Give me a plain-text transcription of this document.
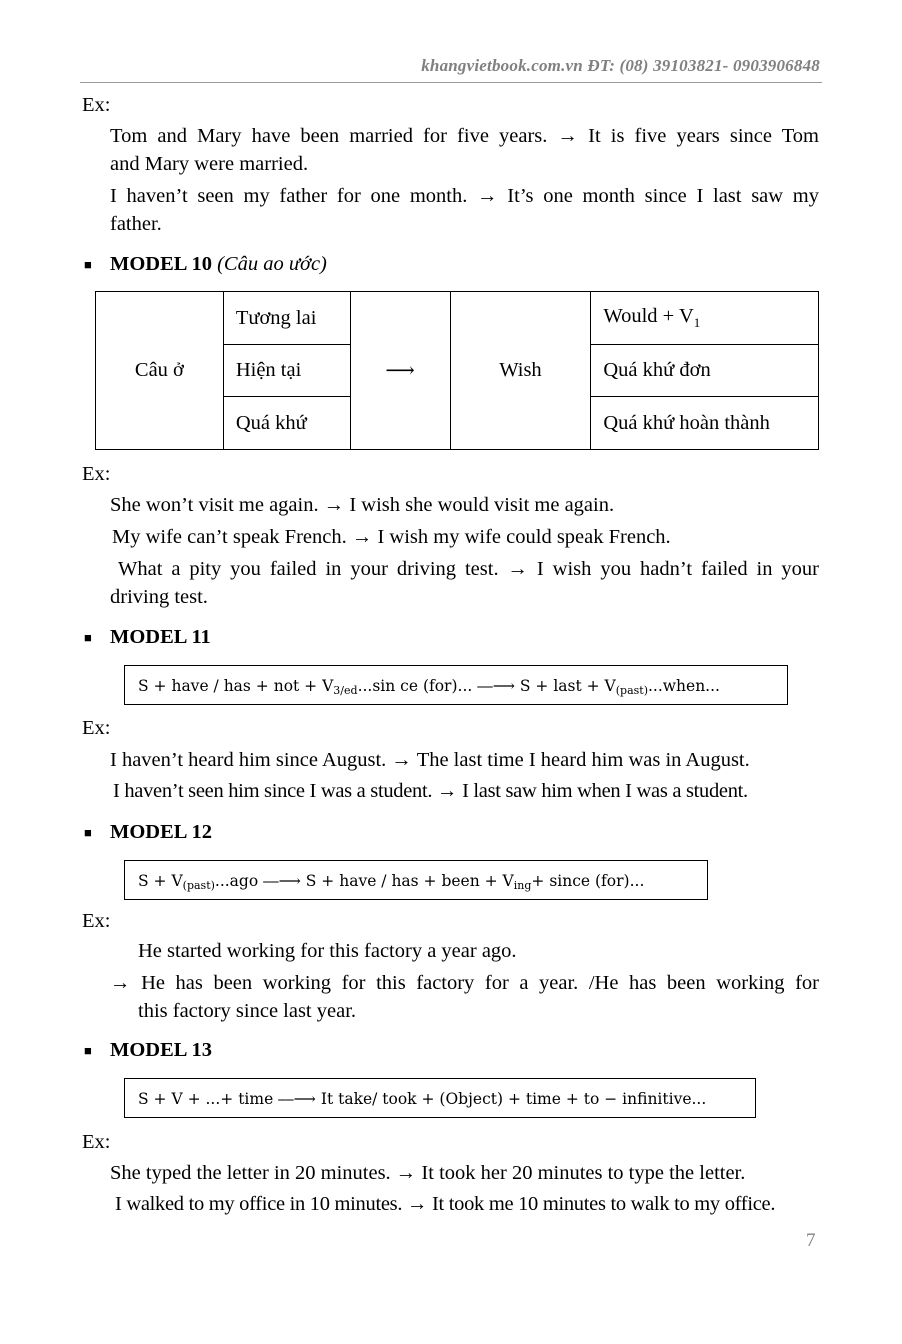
khangvietbook.com.vn ĐT: (08) 39103821- 0903906848
Ex:
Tom and Mary have been married for five years. → It is five years since Tom
and Mary were married.
I haven’t seen my father for one month. → It’s one month since I last saw my
father.
■ MODEL 10 (Câu ao ước)
Câu ở	Tương lai	⟶	Wish	Would + $V_1$
	Hiện tại			Quá khứ đơn
	Quá khứ			Quá khứ hoàn thành
Ex:
She won’t visit me again. → I wish she would visit me again.
My wife can’t speak French. → I wish my wife could speak French.
What a pity you failed in your driving test. → I wish you hadn’t failed in your
driving test.
■ MODEL 11
S + have / has + not + $V_{3/ed}...\sin$ ce (for)... ⎯⎯⟶ S + last + $V_{(past)}...when$...
Ex:
I haven’t heard him since August. → The last time I heard him was in August.
I haven’t seen him since I was a student. → I last saw him when I was a student.
■ MODEL 12
$S + V_{(past)}...ago$ ⎯⎯⟶ S + have / has + been + $V_{ing}+$ since (for)...
Ex:
He started working for this factory a year ago.
→ He has been working for this factory for a year. /He has been working for
this factory since last year.
■ MODEL 13
S + V + ...+ time ⎯⎯⟶ It take/ took + (Object) + time + to − infinitive...
Ex:
She typed the letter in 20 minutes. → It took her 20 minutes to type the letter.
I walked to my office in 10 minutes. → It took me 10 minutes to walk to my office.
7
